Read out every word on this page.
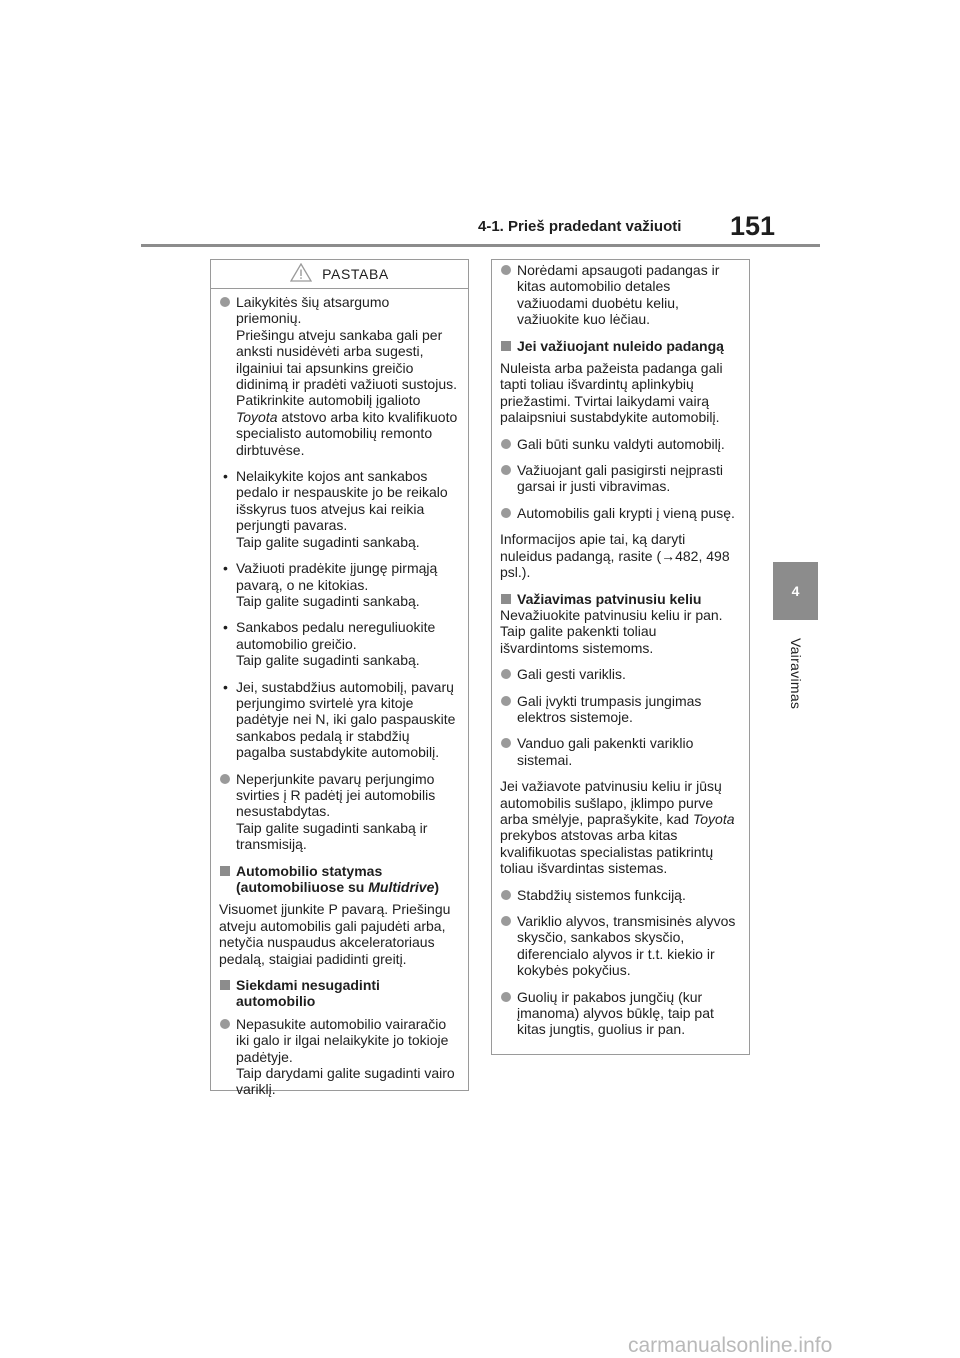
4-1. Prieš pradedant važiuoti 151
4
Vairavimas
PASTABA
Laikykitės šių atsargumo
priemonių.
Priešingu atveju sankaba gali per
anksti nusidėvėti arba sugesti,
ilgainiui tai apsunkins greičio
didinimą ir pradėti važiuoti sustojus.
Patikrinkite automobilį įgalioto
Toyota atstovo arba kito kvalifikuoto
specialisto automobilių remonto
dirbtuvėse.
• Nelaikykite kojos ant sankabos
pedalo ir nespauskite jo be reikalo
išskyrus tuos atvejus kai reikia
perjungti pavaras.
Taip galite sugadinti sankabą.
• Važiuoti pradėkite įjungę pirmąją
pavarą, o ne kitokias.
Taip galite sugadinti sankabą.
• Sankabos pedalu nereguliuokite
automobilio greičio.
Taip galite sugadinti sankabą.
• Jei, sustabdžius automobilį, pavarų
perjungimo svirtelė yra kitoje
padėtyje nei N, iki galo paspauskite
sankabos pedalą ir stabdžių
pagalba sustabdykite automobilį.
Neperjunkite pavarų perjungimo
svirties į R padėtį jei automobilis
nesustabdytas.
Taip galite sugadinti sankabą ir
transmisiją.
Automobilio statymas
(automobiliuose su Multidrive)
Visuomet įjunkite P pavarą. Priešingu
atveju automobilis gali pajudėti arba,
netyčia nuspaudus akceleratoriaus
pedalą, staigiai padidinti greitį.
Siekdami nesugadinti
automobilio
Nepasukite automobilio vairaračio
iki galo ir ilgai nelaikykite jo tokioje
padėtyje.
Taip darydami galite sugadinti vairo
variklį.
Norėdami apsaugoti padangas ir
kitas automobilio detales
važiuodami duobėtu keliu,
važiuokite kuo lėčiau.
Jei važiuojant nuleido padangą
Nuleista arba pažeista padanga gali
tapti toliau išvardintų aplinkybių
priežastimi. Tvirtai laikydami vairą
palaipsniui sustabdykite automobilį.
Gali būti sunku valdyti automobilį.
Važiuojant gali pasigirsti neįprasti
garsai ir justi vibravimas.
Automobilis gali krypti į vieną pusę.
Informacijos apie tai, ką daryti
nuleidus padangą, rasite (→482, 498
psl.).
Važiavimas patvinusiu keliu
Nevažiuokite patvinusiu keliu ir pan.
Taip galite pakenkti toliau
išvardintoms sistemoms.
Gali gesti variklis.
Gali įvykti trumpasis jungimas
elektros sistemoje.
Vanduo gali pakenkti variklio
sistemai.
Jei važiavote patvinusiu keliu ir jūsų
automobilis sušlapo, įklimpo purve
arba smėlyje, paprašykite, kad Toyota
prekybos atstovas arba kitas
kvalifikuotas specialistas patikrintų
toliau išvardintas sistemas.
Stabdžių sistemos funkciją.
Variklio alyvos, transmisinės alyvos
skysčio, sankabos skysčio,
diferencialo alyvos ir t.t. kiekio ir
kokybės pokyčius.
Guolių ir pakabos jungčių (kur
įmanoma) alyvos būklę, taip pat
kitas jungtis, guolius ir pan.
carmanualsonline.info
